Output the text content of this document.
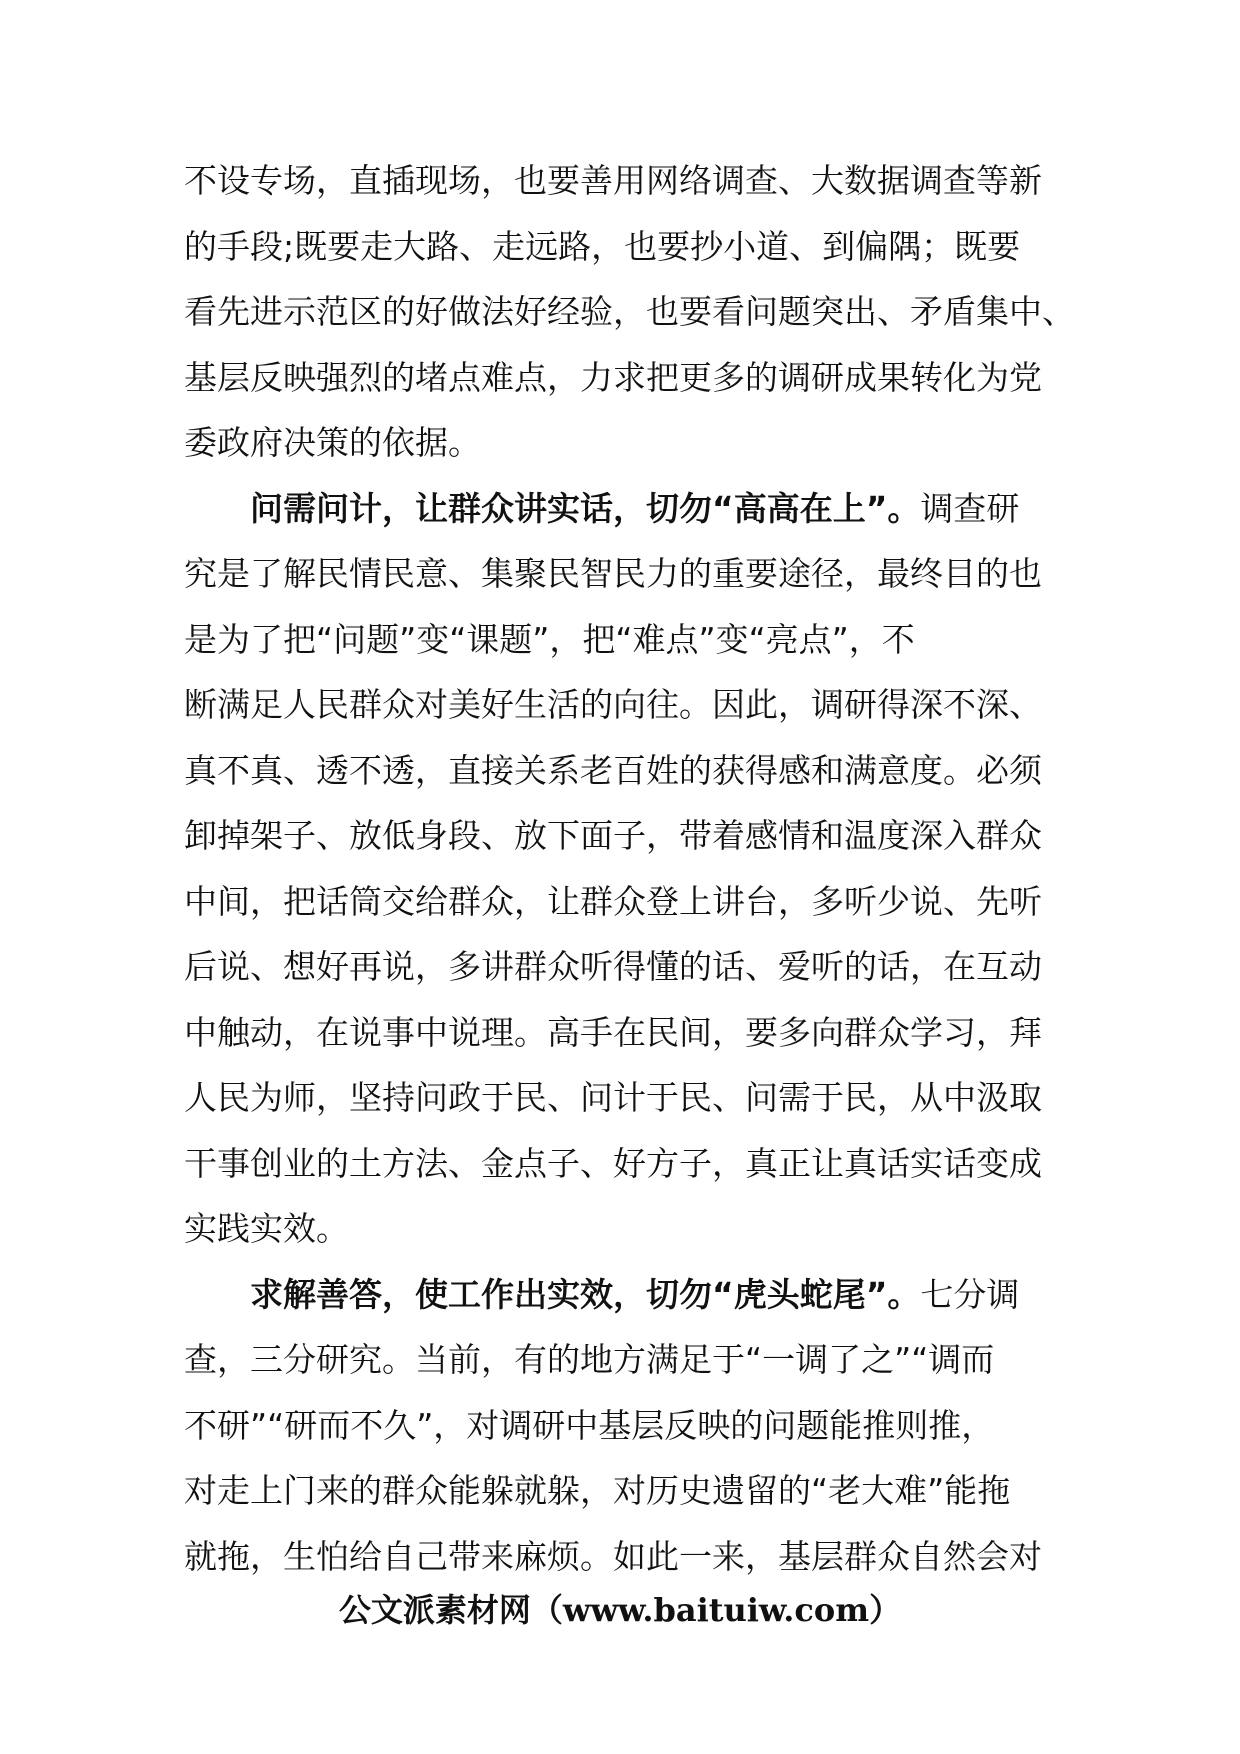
不设专场，直插现场，也要善用网络调查、大数据调查等新
的手段;既要走大路、走远路，也要抄小道、到偏隅；既要
看先进示范区的好做法好经验，也要看问题突出、矛盾集中、
基层反映强烈的堵点难点，力求把更多的调研成果转化为党
委政府决策的依据。
问需问计，让群众讲实话，切勿“高高在上”。调查研
究是了解民情民意、集聚民智民力的重要途径，最终目的也
是为了把“问题”变“课题”，把“难点”变“亮点”，不
断满足人民群众对美好生活的向往。因此，调研得深不深、
真不真、透不透，直接关系老百姓的获得感和满意度。必须
卸掉架子、放低身段、放下面子，带着感情和温度深入群众
中间，把话筒交给群众，让群众登上讲台，多听少说、先听
后说、想好再说，多讲群众听得懂的话、爱听的话，在互动
中触动，在说事中说理。高手在民间，要多向群众学习，拜
人民为师，坚持问政于民、问计于民、问需于民，从中汲取
干事创业的土方法、金点子、好方子，真正让真话实话变成
实践实效。
求解善答，使工作出实效，切勿“虎头蛇尾”。七分调
查，三分研究。当前，有的地方满足于“一调了之”“调而
不研”“研而不久”，对调研中基层反映的问题能推则推，
对走上门来的群众能躲就躲，对历史遗留的“老大难”能拖
就拖，生怕给自己带来麻烦。如此一来，基层群众自然会对
公文派素材网（www.baituiw.com）
